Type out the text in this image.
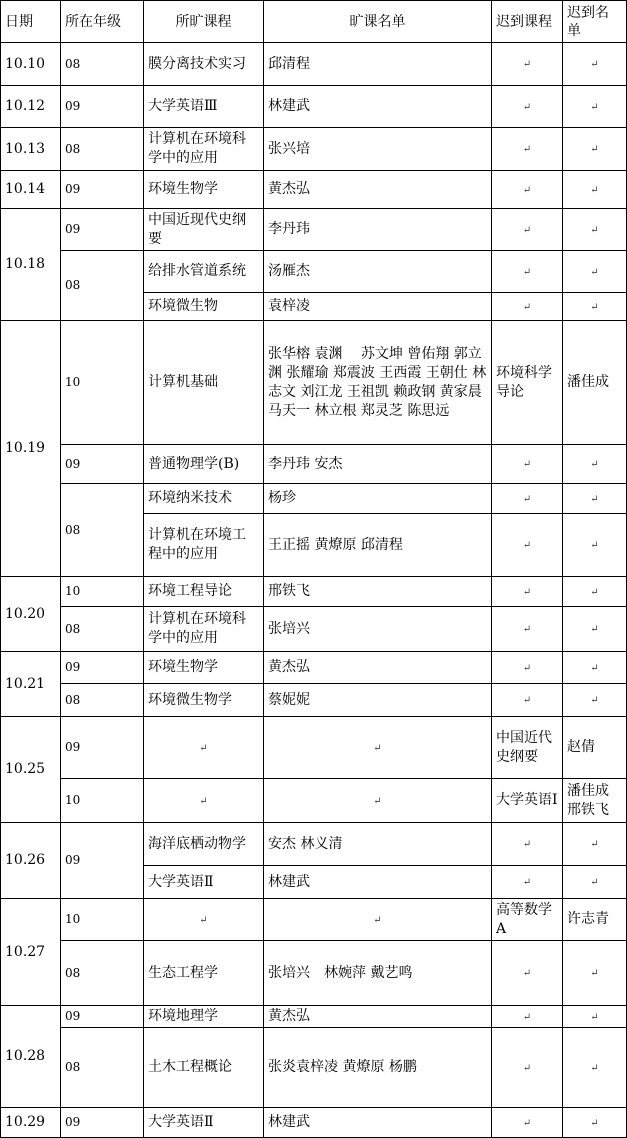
日期	所在年级	所旷课程	旷课名单	迟到课程	迟到名单
10.10	08	膜分离技术实习	邱清程	↵	↵
10.12	09	大学英语Ⅲ	林建武	↵	↵
10.13	08	计算机在环境科学中的应用	张兴培	↵	↵
10.14	09	环境生物学	黄杰弘	↵	↵
10.18	09	中国近现代史纲要	李丹玮	↵	↵
	08	给排水管道系统	汤雁杰	↵	↵
		环境微生物	袁梓凌	↵	↵
10.19	10	计算机基础	张华榕 袁渊　 苏文坤 曾佑翔 郭立渊 张耀瑜 郑震波 王西霞 王朝仕 林志文 刘江龙 王祖凯 赖政钢 黄家晨 马天一 林立根 郑灵芝 陈思远	环境科学导论	潘佳成
	09	普通物理学(B)	李丹玮 安杰	↵	↵
	08	环境纳米技术	杨珍	↵	↵
		计算机在环境工程中的应用	王正摇 黄燎原 邱清程	↵	↵
10.20	10	环境工程导论	邢铁飞	↵	↵
	08	计算机在环境科学中的应用	张培兴	↵	↵
10.21	09	环境生物学	黄杰弘	↵	↵
	08	环境微生物学	蔡妮妮	↵	↵
10.25	09	↵	↵	中国近代史纲要	赵倩
	10	↵	↵	大学英语Ⅰ	潘佳成 邢铁飞
10.26	09	海洋底栖动物学	安杰 林义清	↵	↵
		大学英语Ⅱ	林建武	↵	↵
10.27	10	↵	↵	高等数学A	许志青
	08	生态工程学	张培兴　林婉萍 戴艺鸣	↵	↵
10.28	09	环境地理学	黄杰弘	↵	↵
	08	土木工程概论	张炎袁梓凌 黄燎原 杨鹏	↵	↵
10.29	09	大学英语Ⅱ	林建武	↵	↵
